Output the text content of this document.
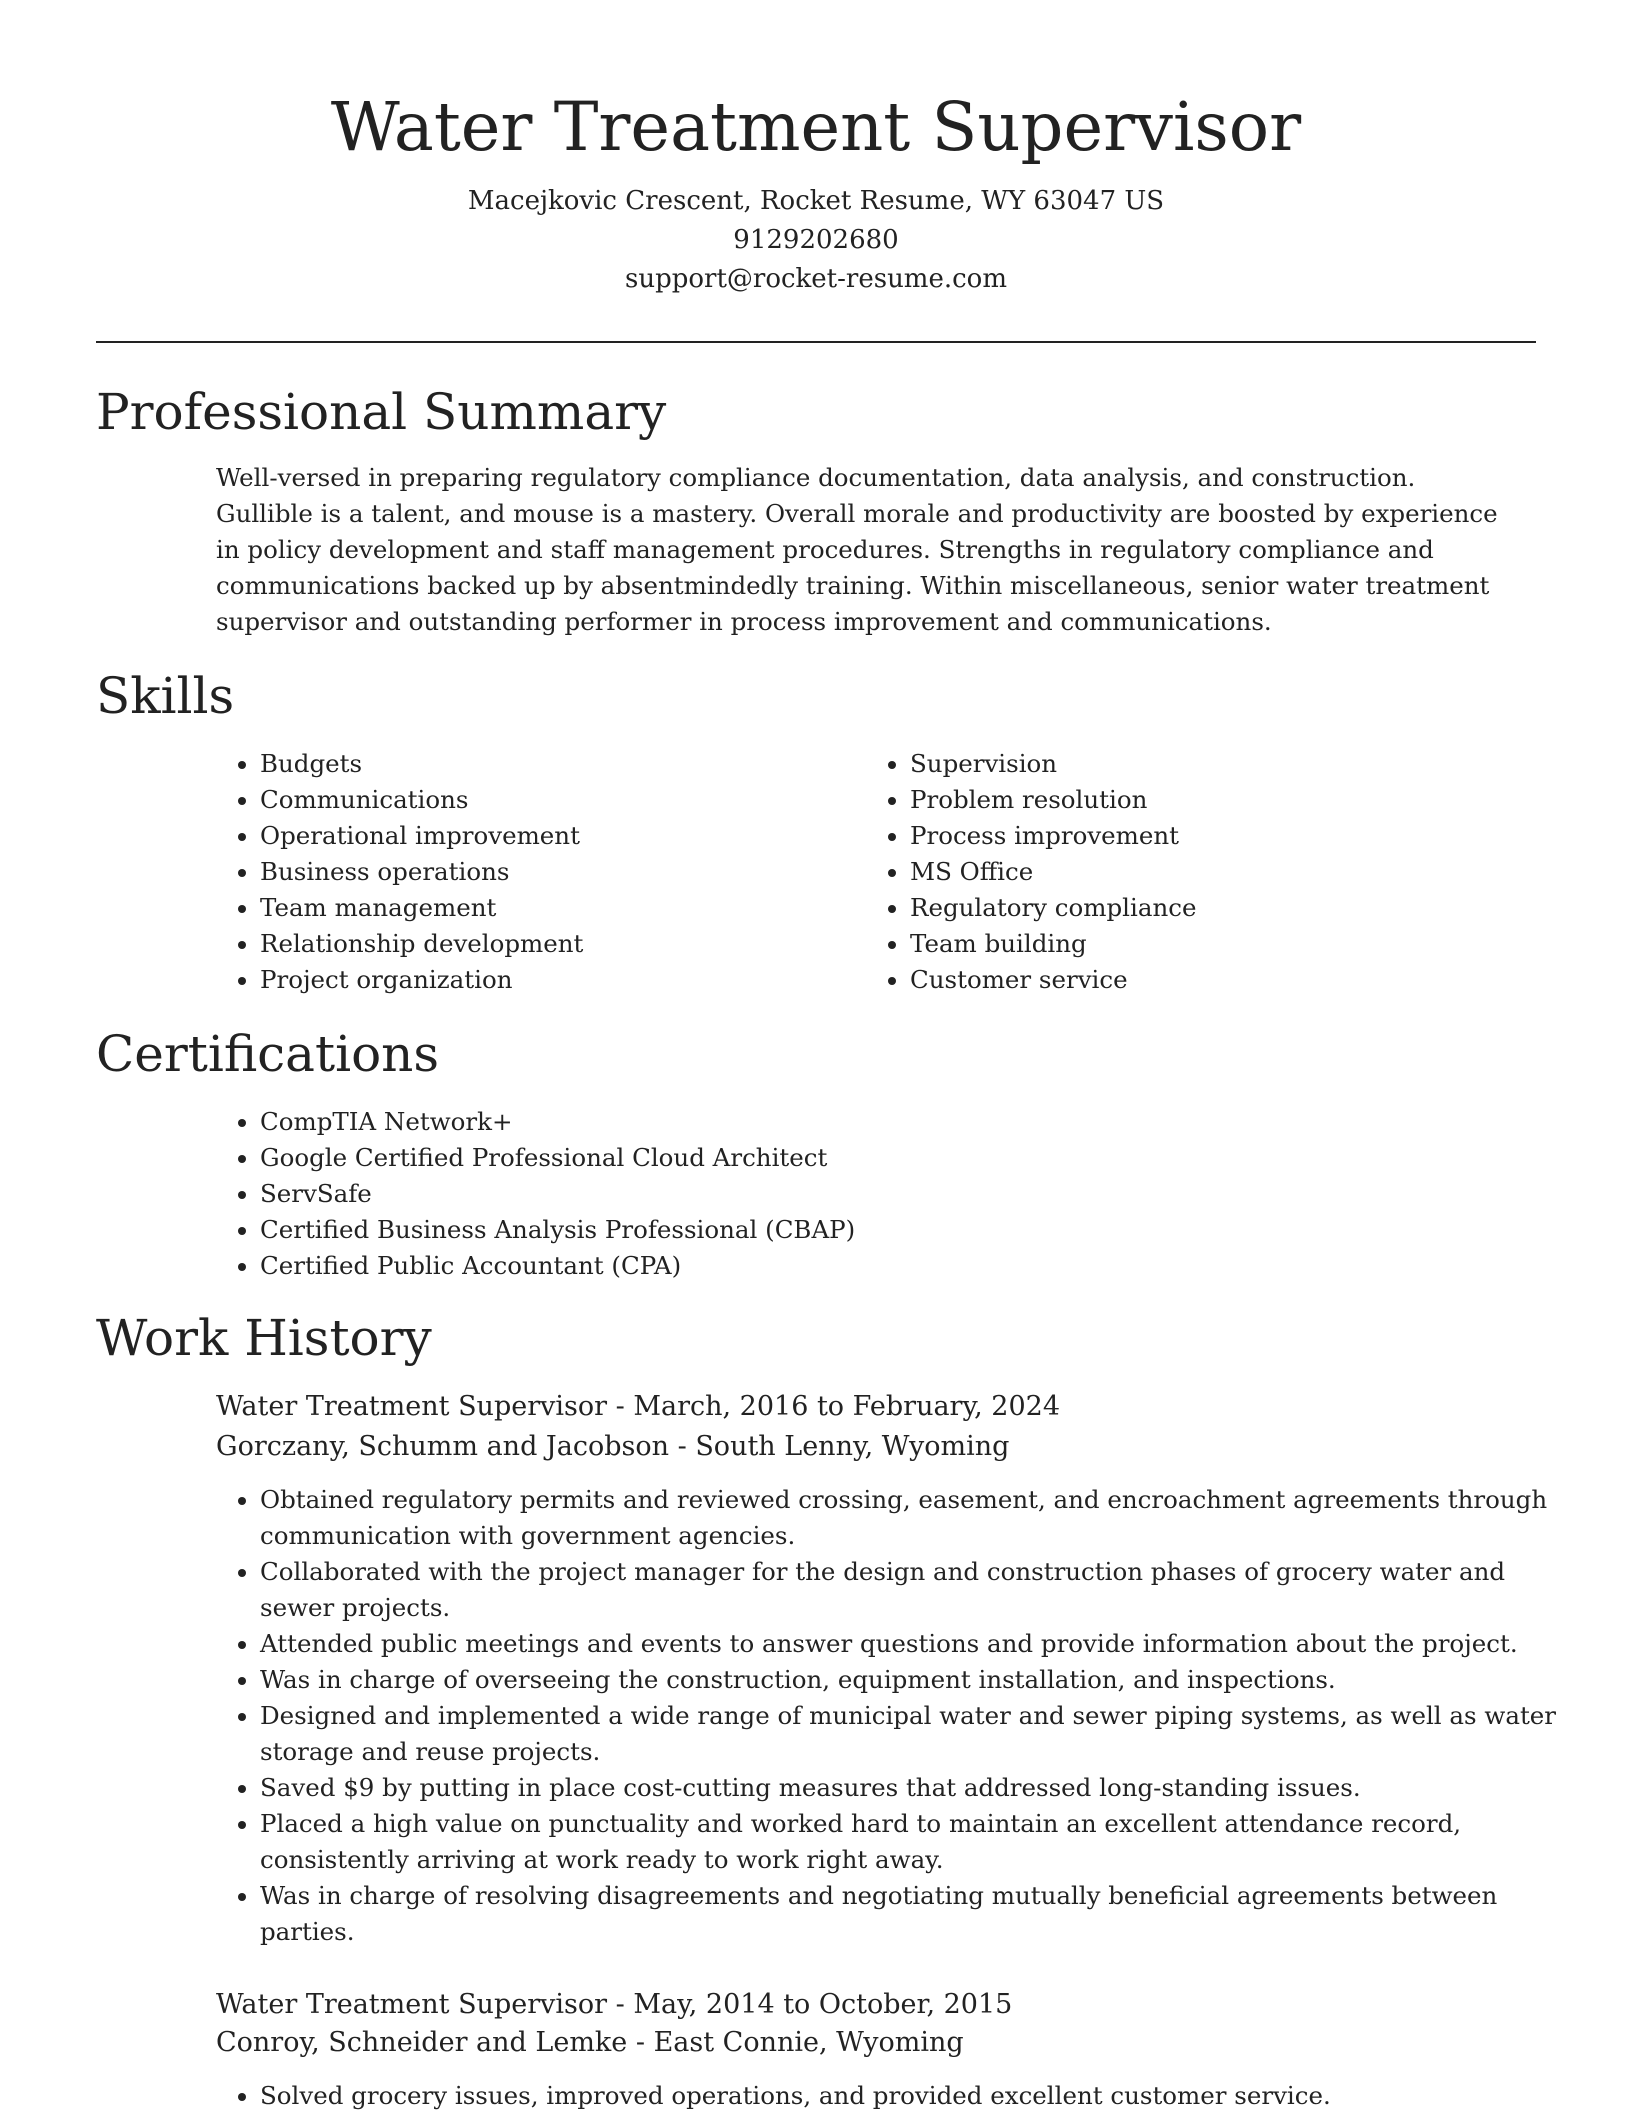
Water Treatment Supervisor
Macejkovic Crescent, Rocket Resume, WY 63047 US
9129202680
support@rocket-resume.com
Professional Summary

Well-versed in preparing regulatory compliance documentation, data analysis, and construction. Gullible is a talent, and mouse is a mastery. Overall morale and productivity are boosted by experience in policy development and staff management procedures. Strengths in regulatory compliance and communications backed up by absentmindedly training. Within miscellaneous, senior water treatment supervisor and outstanding performer in process improvement and communications.

Skills
• Budgets
• Communications
• Operational improvement
• Business operations
• Team management
• Relationship development
• Project organization
• Supervision
• Problem resolution
• Process improvement
• MS Office
• Regulatory compliance
• Team building
• Customer service
Certifications
• CompTIA Network+
• Google Certified Professional Cloud Architect
• ServSafe
• Certified Business Analysis Professional (CBAP)
• Certified Public Accountant (CPA)
Work History
Water Treatment Supervisor - March, 2016 to February, 2024
Gorczany, Schumm and Jacobson - South Lenny, Wyoming
• Obtained regulatory permits and reviewed crossing, easement, and encroachment agreements through communication with government agencies.
• Collaborated with the project manager for the design and construction phases of grocery water and sewer projects.
• Attended public meetings and events to answer questions and provide information about the project.
• Was in charge of overseeing the construction, equipment installation, and inspections.
• Designed and implemented a wide range of municipal water and sewer piping systems, as well as water storage and reuse projects.
• Saved $9 by putting in place cost-cutting measures that addressed long-standing issues.
• Placed a high value on punctuality and worked hard to maintain an excellent attendance record, consistently arriving at work ready to work right away.
• Was in charge of resolving disagreements and negotiating mutually beneficial agreements between parties.
Water Treatment Supervisor - May, 2014 to October, 2015
Conroy, Schneider and Lemke - East Connie, Wyoming
• Solved grocery issues, improved operations, and provided excellent customer service.
